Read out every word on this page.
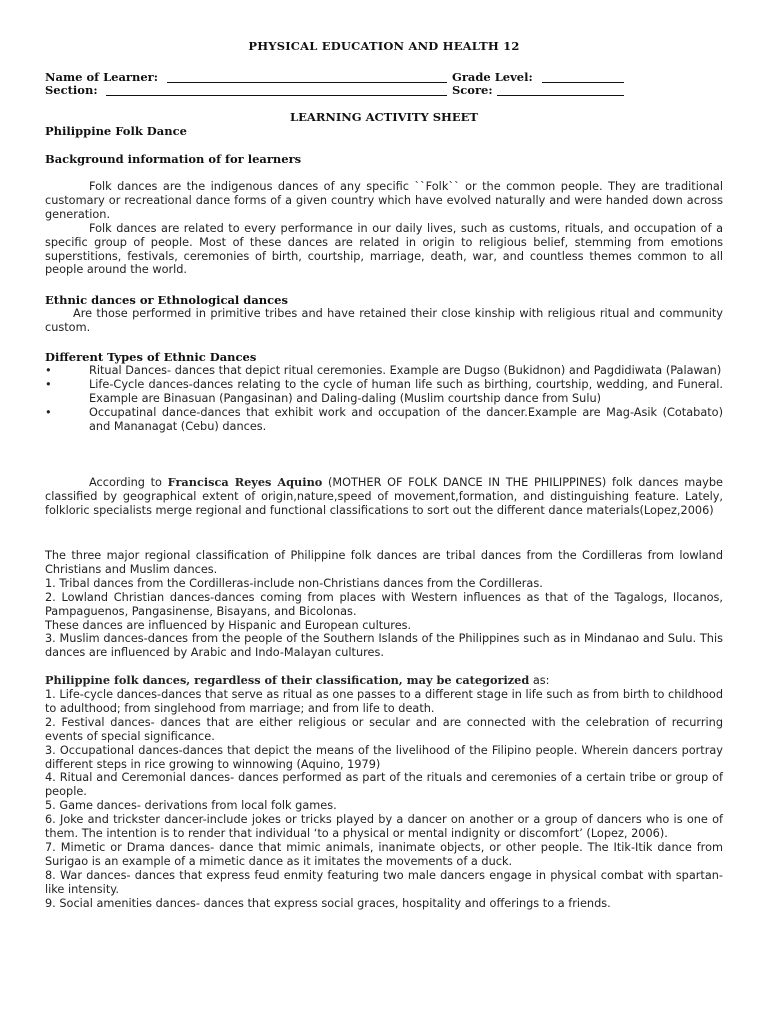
PHYSICAL EDUCATION AND HEALTH 12
Name of Learner:	Grade Level:
Section:	Score:
LEARNING ACTIVITY SHEET
Philippine Folk Dance
Background information of for learners

Folk dances are the indigenous dances of any specific ``Folk`` or the common people. They are traditional customary or recreational dance forms of a given country which have evolved naturally and were handed down across generation.

Folk dances are related to every performance in our daily lives, such as customs, rituals, and occupation of a specific group of people. Most of these dances are related in origin to religious belief, stemming from emotions superstitions, festivals, ceremonies of birth, courtship, marriage, death, war, and countless themes common to all people around the world.

Ethnic dances or Ethnological dances

Are those performed in primitive tribes and have retained their close kinship with religious ritual and community custom.

Different Types of Ethnic Dances
•	Ritual Dances- dances that depict ritual ceremonies. Example are Dugso (Bukidnon) and Pagdidiwata (Palawan)
•	Life-Cycle dances-dances relating to the cycle of human life such as birthing, courtship, wedding, and Funeral. Example are Binasuan (Pangasinan) and Daling-daling (Muslim courtship dance from Sulu)
•	Occupatinal dance-dances that exhibit work and occupation of the dancer.Example are Mag-Asik (Cotabato) and Mananagat (Cebu) dances.

According to Francisca Reyes Aquino (MOTHER OF FOLK DANCE IN THE PHILIPPINES) folk dances maybe classified by geographical extent of origin,nature,speed of movement,formation, and distinguishing feature. Lately, folkloric specialists merge regional and functional classifications to sort out the different dance materials(Lopez,2006)

The three major regional classification of Philippine folk dances are tribal dances from the Cordilleras from lowland Christians and Muslim dances.

1. Tribal dances from the Cordilleras-include non-Christians dances from the Cordilleras.

2. Lowland Christian dances-dances coming from places with Western influences as that of the Tagalogs, Ilocanos, Pampaguenos, Pangasinense, Bisayans, and Bicolonas.

These dances are influenced by Hispanic and European cultures.

3. Muslim dances-dances from the people of the Southern Islands of the Philippines such as in Mindanao and Sulu. This dances are influenced by Arabic and Indo-Malayan cultures.

Philippine folk dances, regardless of their classification, may be categorized as:

1. Life-cycle dances-dances that serve as ritual as one passes to a different stage in life such as from birth to childhood to adulthood; from singlehood from marriage; and from life to death.

2. Festival dances- dances that are either religious or secular and are connected with the celebration of recurring events of special significance.

3. Occupational dances-dances that depict the means of the livelihood of the Filipino people. Wherein dancers portray different steps in rice growing to winnowing (Aquino, 1979)

4. Ritual and Ceremonial dances- dances performed as part of the rituals and ceremonies of a certain tribe or group of people.

5. Game dances- derivations from local folk games.

6. Joke and trickster dancer-include jokes or tricks played by a dancer on another or a group of dancers who is one of them. The intention is to render that individual ‘to a physical or mental indignity or discomfort’ (Lopez, 2006).

7. Mimetic or Drama dances- dance that mimic animals, inanimate objects, or other people. The Itik-Itik dance from Surigao is an example of a mimetic dance as it imitates the movements of a duck.

8. War dances- dances that express feud enmity featuring two male dancers engage in physical combat with spartan-like intensity.

9. Social amenities dances- dances that express social graces, hospitality and offerings to a friends.
